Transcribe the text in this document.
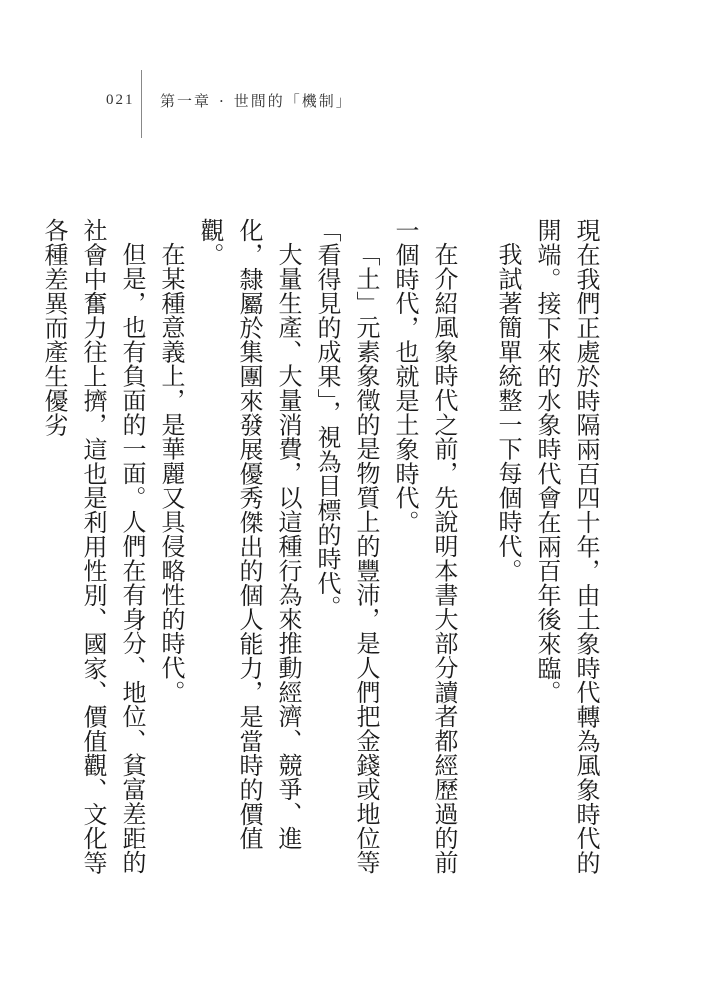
021 第一章 · 世間的「機制」

現在我們正處於時隔兩百四十年，由土象時代轉為風象時代的開端。接下來的水象時代會在兩百年後來臨。

我試著簡單統整一下每個時代。

在介紹風象時代之前，先說明本書大部分讀者都經歷過的前一個時代，也就是土象時代。

「土」元素象徵的是物質上的豐沛，是人們把金錢或地位等「看得見的成果」，視為目標的時代。

大量生產、大量消費，以這種行為來推動經濟、競爭、進化，隸屬於集團來發展優秀傑出的個人能力，是當時的價值觀。

在某種意義上，是華麗又具侵略性的時代。

但是，也有負面的一面。人們在有身分、地位、貧富差距的社會中奮力往上擠，這也是利用性別、國家、價值觀、文化等各種差異而產生優劣
